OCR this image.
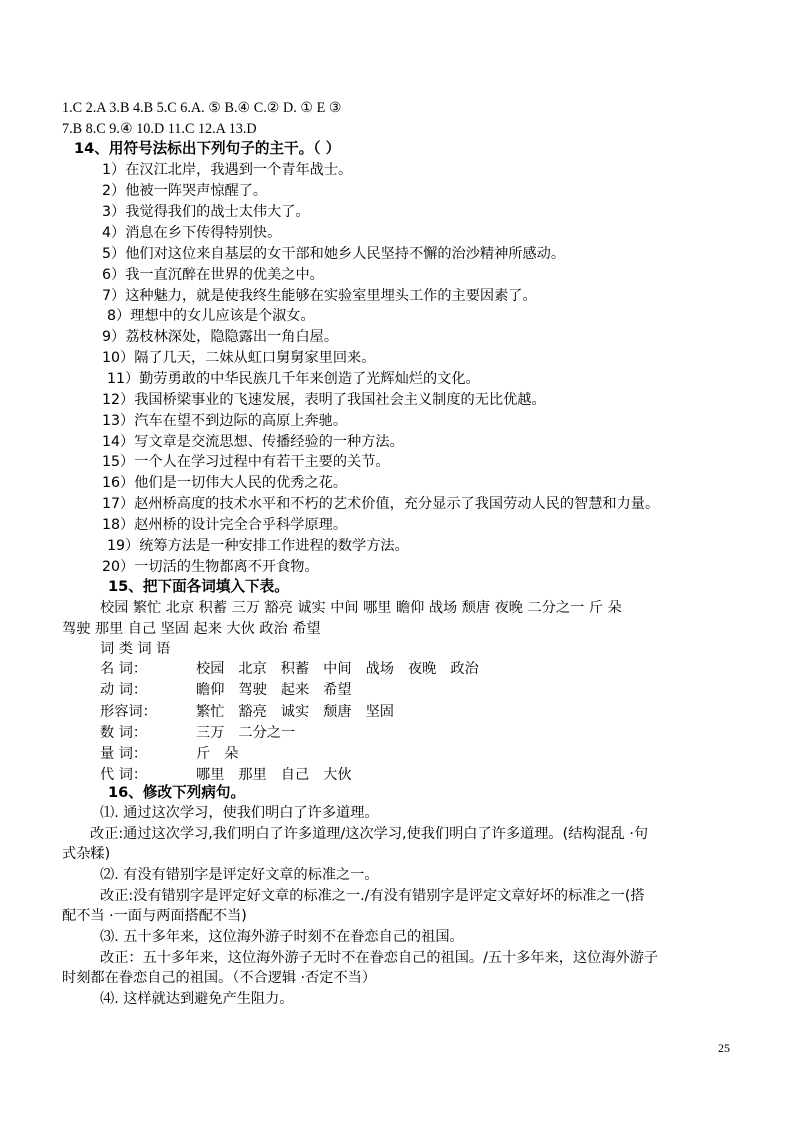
1.C 2.A 3.B 4.B 5.C 6.A. ⑤ B.④ C.② D. ① E ③
7.B 8.C 9.④ 10.D 11.C 12.A 13.D
14、用符号法标出下列句子的主干。（ ）
1）在汉江北岸，我遇到一个青年战士。
2）他被一阵哭声惊醒了。
3）我觉得我们的战士太伟大了。
4）消息在乡下传得特别快。
5）他们对这位来自基层的女干部和她乡人民坚持不懈的治沙精神所感动。
6）我一直沉醉在世界的优美之中。
7）这种魅力，就是使我终生能够在实验室里埋头工作的主要因素了。
8）理想中的女儿应该是个淑女。
9）荔枝林深处，隐隐露出一角白屋。
10）隔了几天，二妹从虹口舅舅家里回来。
11）勤劳勇敢的中华民族几千年来创造了光辉灿烂的文化。
12）我国桥梁事业的飞速发展，表明了我国社会主义制度的无比优越。
13）汽车在望不到边际的高原上奔驰。
14）写文章是交流思想、传播经验的一种方法。
15）一个人在学习过程中有若干主要的关节。
16）他们是一切伟大人民的优秀之花。
17）赵州桥高度的技术水平和不朽的艺术价值，充分显示了我国劳动人民的智慧和力量。
18）赵州桥的设计完全合乎科学原理。
19）统筹方法是一种安排工作进程的数学方法。
20）一切活的生物都离不开食物。
15、把下面各词填入下表。
校园 繁忙 北京 积蓄 三万 豁亮 诚实 中间 哪里 瞻仰 战场 颓唐 夜晚 二分之一 斤 朵
驾驶 那里 自己 坚固 起来 大伙 政治 希望
词 类 词 语
名 词：	校园 北京 积蓄 中间 战场 夜晚 政治
动 词：	瞻仰 驾驶 起来 希望
形容词：	繁忙 豁亮 诚实 颓唐 坚固
数 词：	三万 二分之一
量 词：	斤 朵
代 词：	哪里 那里 自己 大伙
16、修改下列病句。
⑴. 通过这次学习，使我们明白了许多道理。
改正:通过这次学习,我们明白了许多道理/这次学习,使我们明白了许多道理。(结构混乱 ·句
式杂糅)
⑵. 有没有错别字是评定好文章的标准之一。
改正:没有错别字是评定好文章的标准之一./有没有错别字是评定文章好坏的标准之一(搭
配不当 ·一面与两面搭配不当)
⑶. 五十多年来，这位海外游子时刻不在眷恋自己的祖国。
改正：五十多年来，这位海外游子无时不在眷恋自己的祖国。/五十多年来，这位海外游子
时刻都在眷恋自己的祖国。（不合逻辑 ·否定不当）
⑷. 这样就达到避免产生阻力。
25
